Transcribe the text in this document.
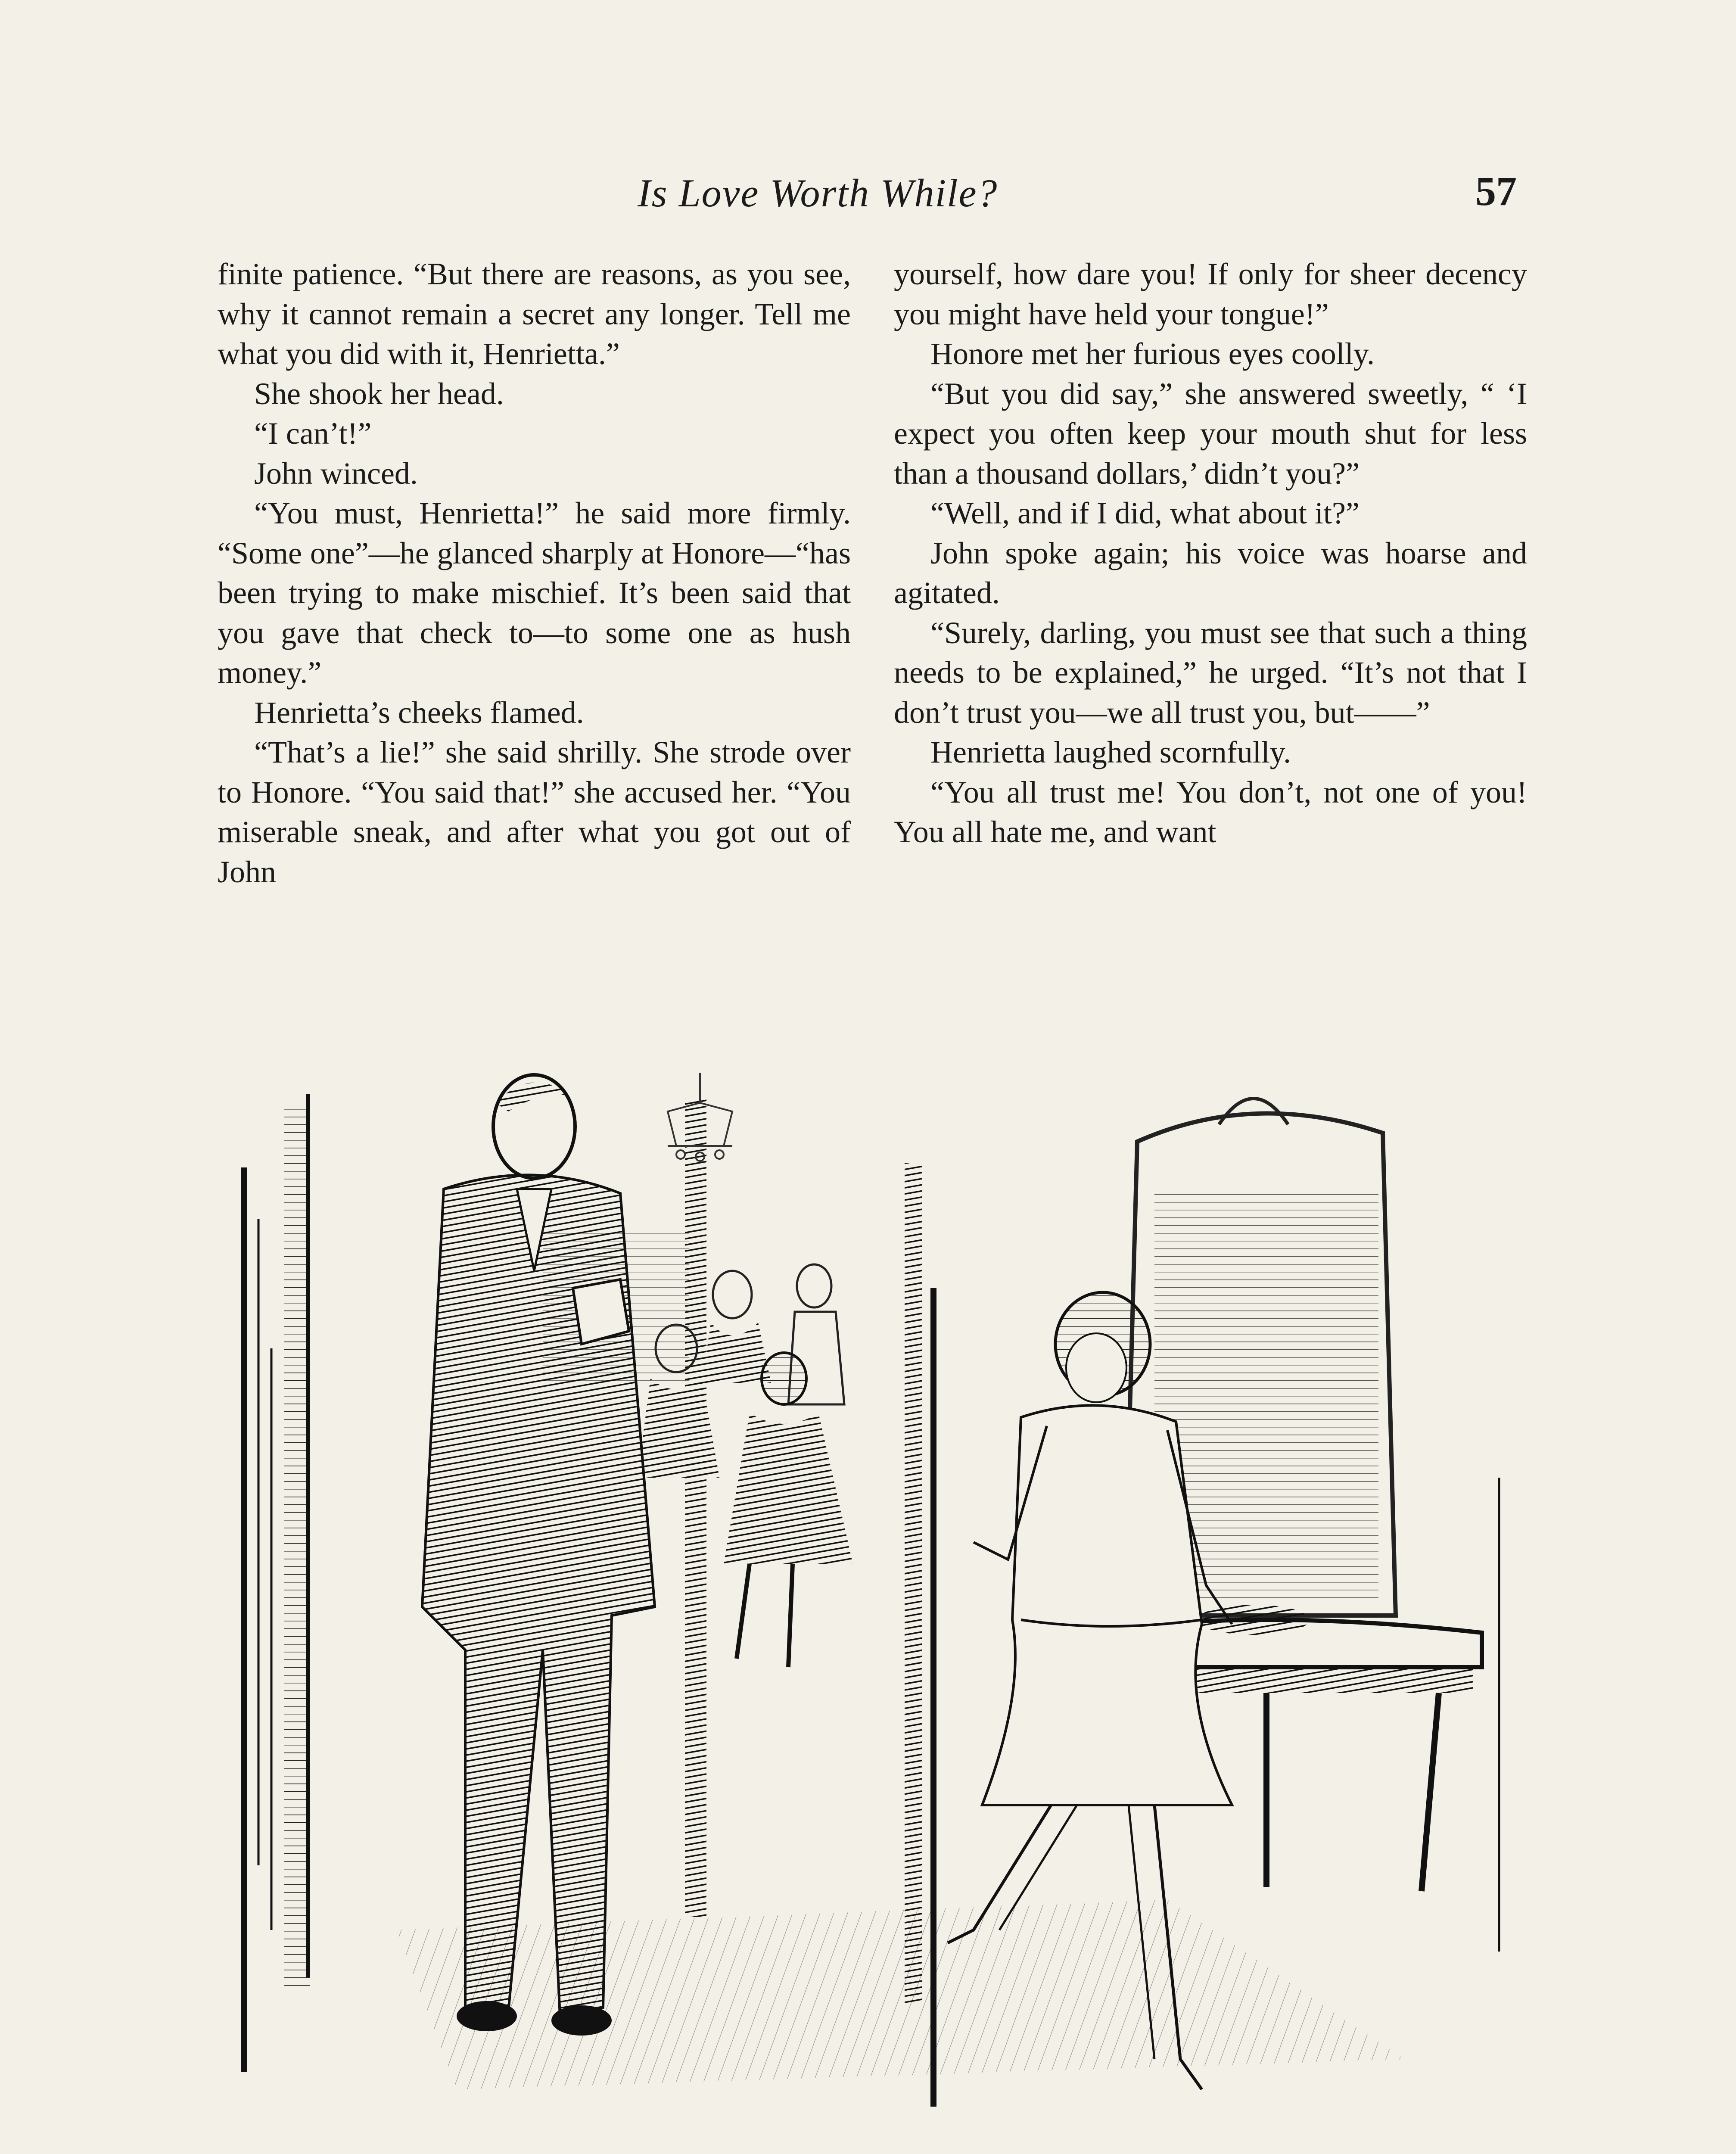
Is Love Worth While?	57

finite patience. “But there are reasons, as you see, why it cannot remain a secret any longer. Tell me what you did with it, Henrietta.”

She shook her head.

“I can’t!”

John winced.

“You must, Henrietta!” he said more firmly. “Some one”—he glanced sharply at Honore—“has been trying to make mischief. It’s been said that you gave that check to—to some one as hush money.”

Henrietta’s cheeks flamed.

“That’s a lie!” she said shrilly. She strode over to Honore. “You said that!” she accused her. “You miserable sneak, and after what you got out of John

yourself, how dare you! If only for sheer decency you might have held your tongue!”

Honore met her furious eyes coolly.

“But you did say,” she answered sweetly, “ ‘I expect you often keep your mouth shut for less than a thousand dollars,’ didn’t you?”

“Well, and if I did, what about it?”

John spoke again; his voice was hoarse and agitated.

“Surely, darling, you must see that such a thing needs to be explained,” he urged. “It’s not that I don’t trust you—we all trust you, but——”

Henrietta laughed scornfully.

“You all trust me! You don’t, not one of you! You all hate me, and want
